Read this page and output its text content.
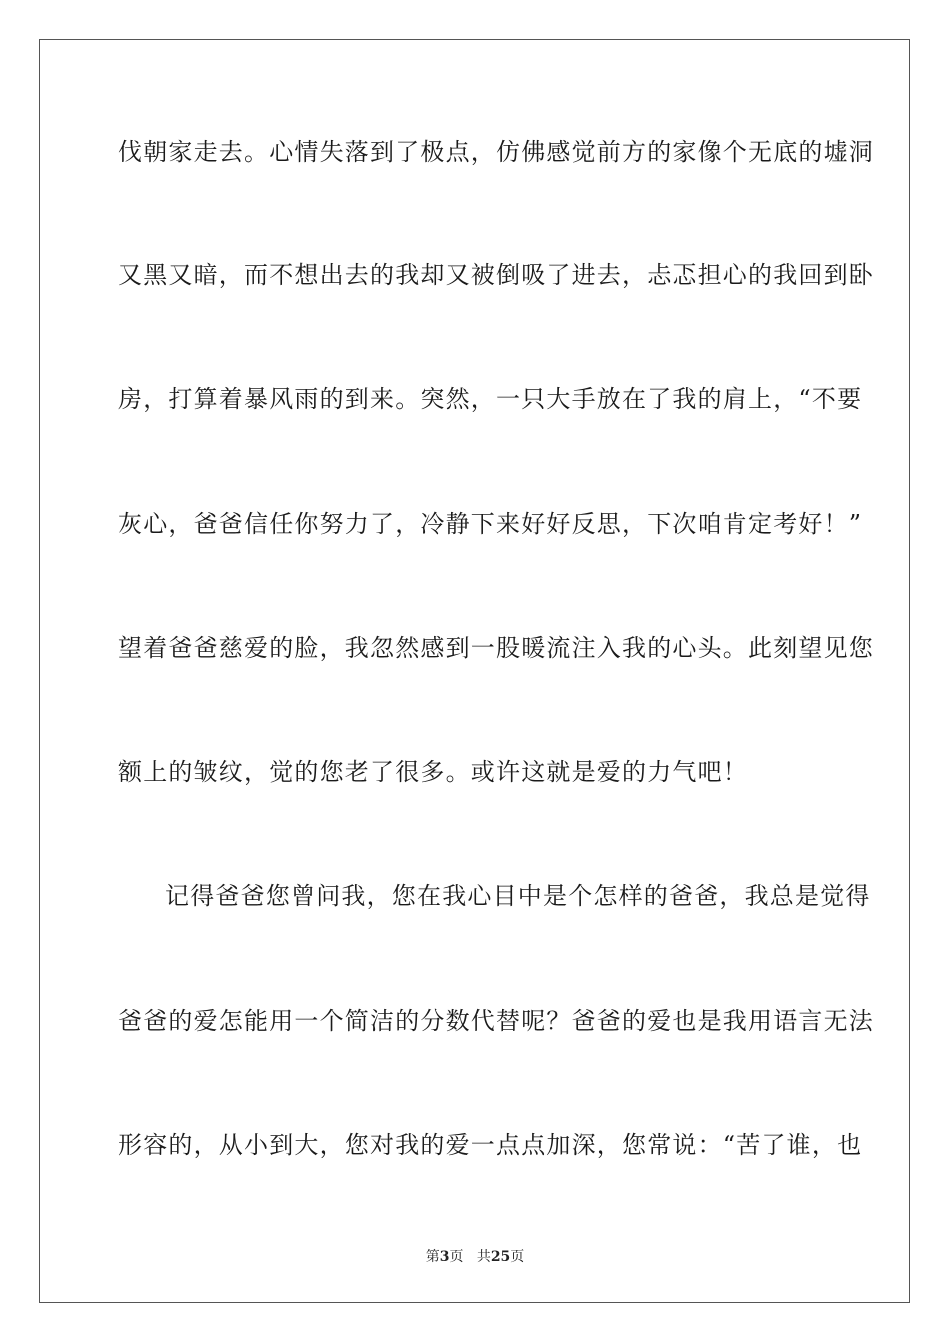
伐朝家走去。心情失落到了极点，仿佛感觉前方的家像个无底的墟洞
又黑又暗，而不想出去的我却又被倒吸了进去，忐忑担心的我回到卧
房，打算着暴风雨的到来。突然，一只大手放在了我的肩上，“不要
灰心，爸爸信任你努力了，冷静下来好好反思，下次咱肯定考好！”
望着爸爸慈爱的脸，我忽然感到一股暖流注入我的心头。此刻望见您
额上的皱纹，觉的您老了很多。或许这就是爱的力气吧！
记得爸爸您曾问我，您在我心目中是个怎样的爸爸，我总是觉得
爸爸的爱怎能用一个简洁的分数代替呢？爸爸的爱也是我用语言无法
形容的，从小到大，您对我的爱一点点加深，您常说：“苦了谁，也
第3页 共25页
